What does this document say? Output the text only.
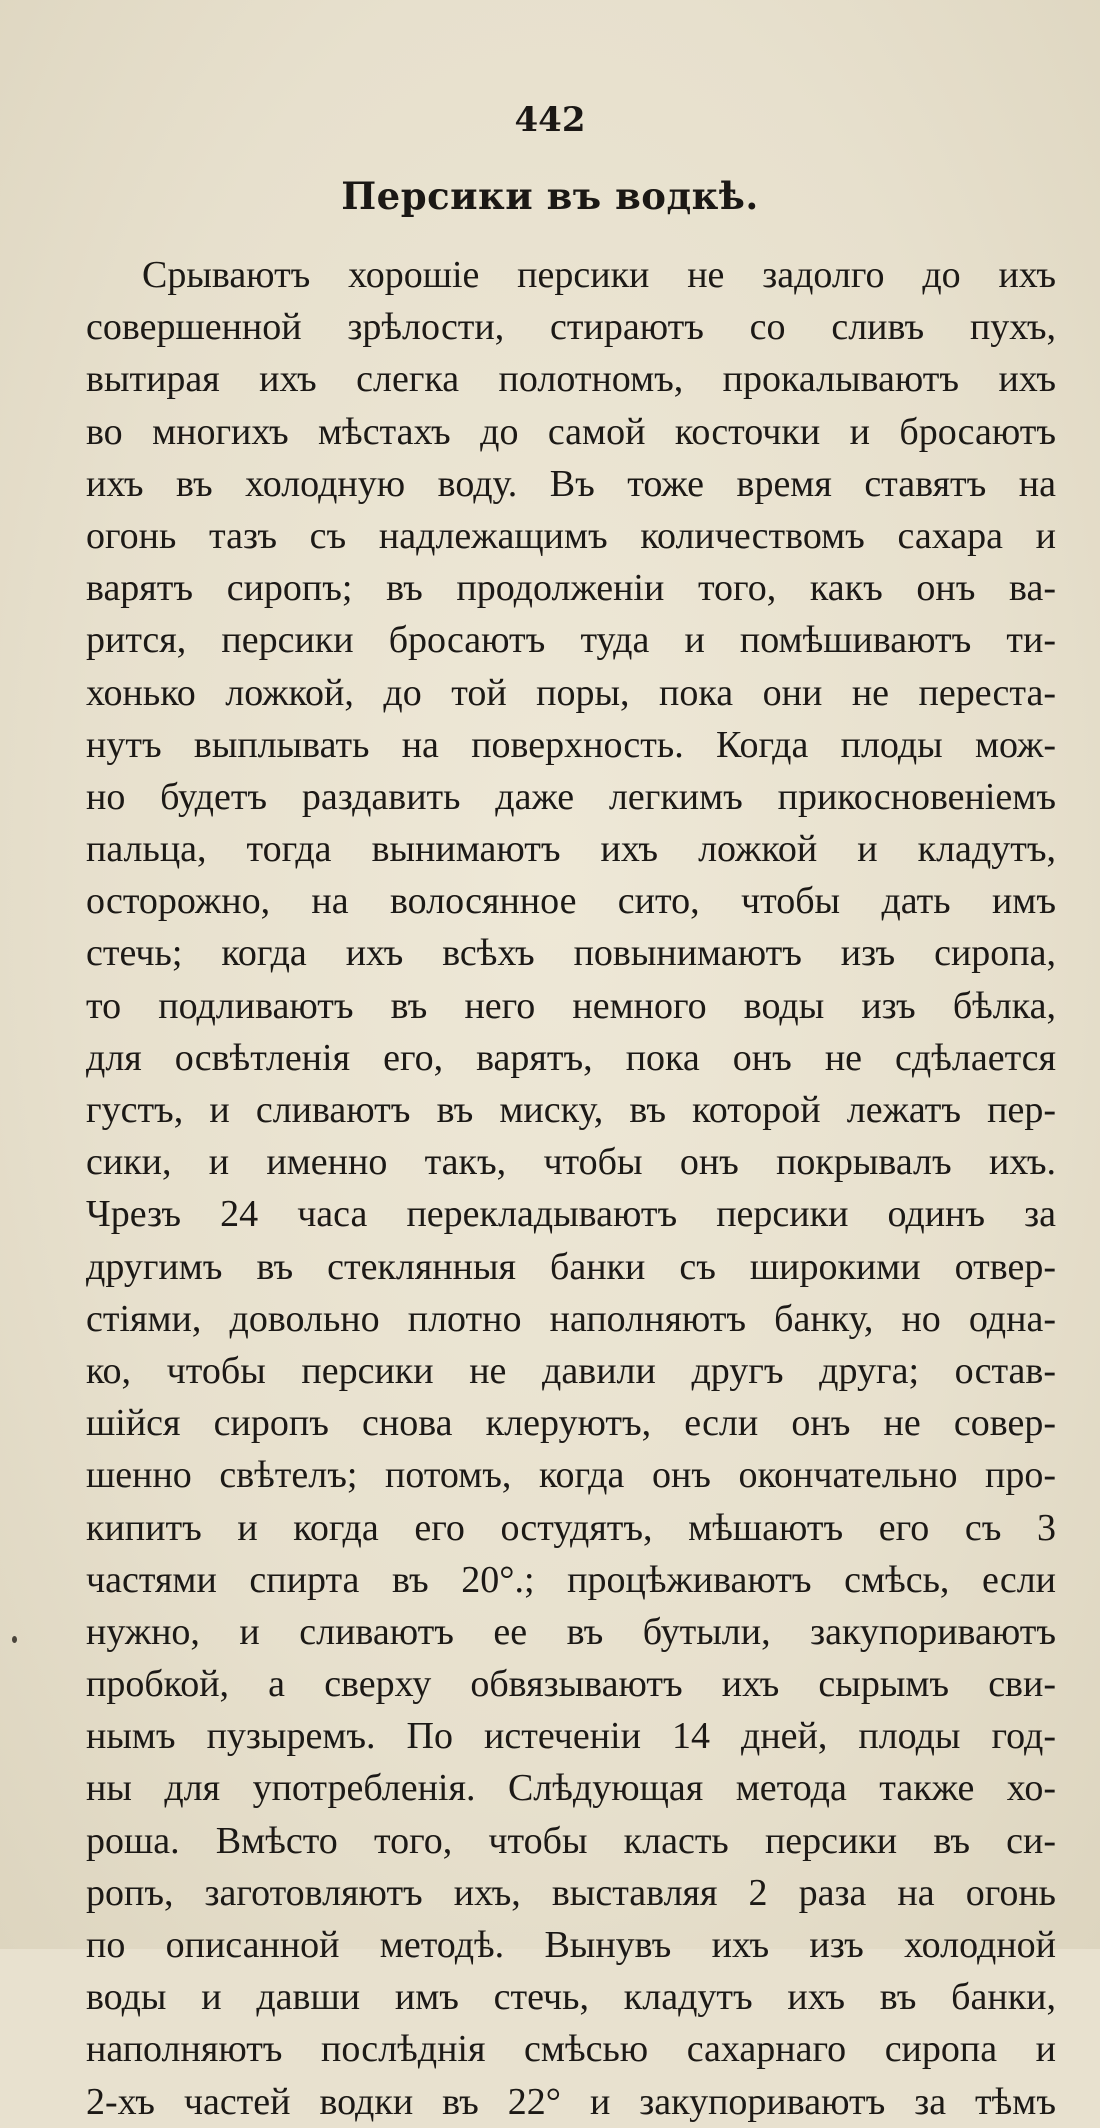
442
Персики въ водкѣ.
Срываютъ хорошіе персики не задолго до ихъ
совершенной зрѣлости, стираютъ со сливъ пухъ,
вытирая ихъ слегка полотномъ, прокалываютъ ихъ
во многихъ мѣстахъ до самой косточки и бросаютъ
ихъ въ холодную воду. Въ тоже время ставятъ на
огонь тазъ съ надлежащимъ количествомъ сахара и
варятъ сиропъ; въ продолженіи того, какъ онъ ва-
рится, персики бросаютъ туда и помѣшиваютъ ти-
хонько ложкой, до той поры, пока они не переста-
нутъ выплывать на поверхность. Когда плоды мож-
но будетъ раздавить даже легкимъ прикосновеніемъ
пальца, тогда вынимаютъ ихъ ложкой и кладутъ,
осторожно, на волосянное сито, чтобы дать имъ
стечь; когда ихъ всѣхъ повынимаютъ изъ сиропа,
то подливаютъ въ него немного воды изъ бѣлка,
для освѣтленія его, варятъ, пока онъ не сдѣлается
густъ, и сливаютъ въ миску, въ которой лежатъ пер-
сики, и именно такъ, чтобы онъ покрывалъ ихъ.
Чрезъ 24 часа перекладываютъ персики одинъ за
другимъ въ стеклянныя банки съ широкими отвер-
стіями, довольно плотно наполняютъ банку, но однa-
ко, чтобы персики не давили другъ друга; остав-
шійся сиропъ снова клеруютъ, если онъ не совер-
шенно свѣтелъ; потомъ, когда онъ окончательно про-
кипитъ и когда его остудятъ, мѣшаютъ его съ 3
частями спирта въ 20°.; процѣживаютъ смѣсь, если
нужно, и сливаютъ ее въ бутыли, закупориваютъ
пробкой, а сверху обвязываютъ ихъ сырымъ сви-
нымъ пузыремъ. По истеченіи 14 дней, плоды год-
ны для употребленія. Слѣдующая метода также хо-
роша. Вмѣсто того, чтобы класть персики въ си-
ропъ, заготовляютъ ихъ, выставляя 2 раза на огонь
по описанной методѣ. Вынувъ ихъ изъ холодной
воды и давши имъ стечь, кладутъ ихъ въ банки,
наполняютъ послѣднія смѣсью сахарнаго сиропа и
2-хъ частей водки въ 22° и закупориваютъ за тѣмъ
